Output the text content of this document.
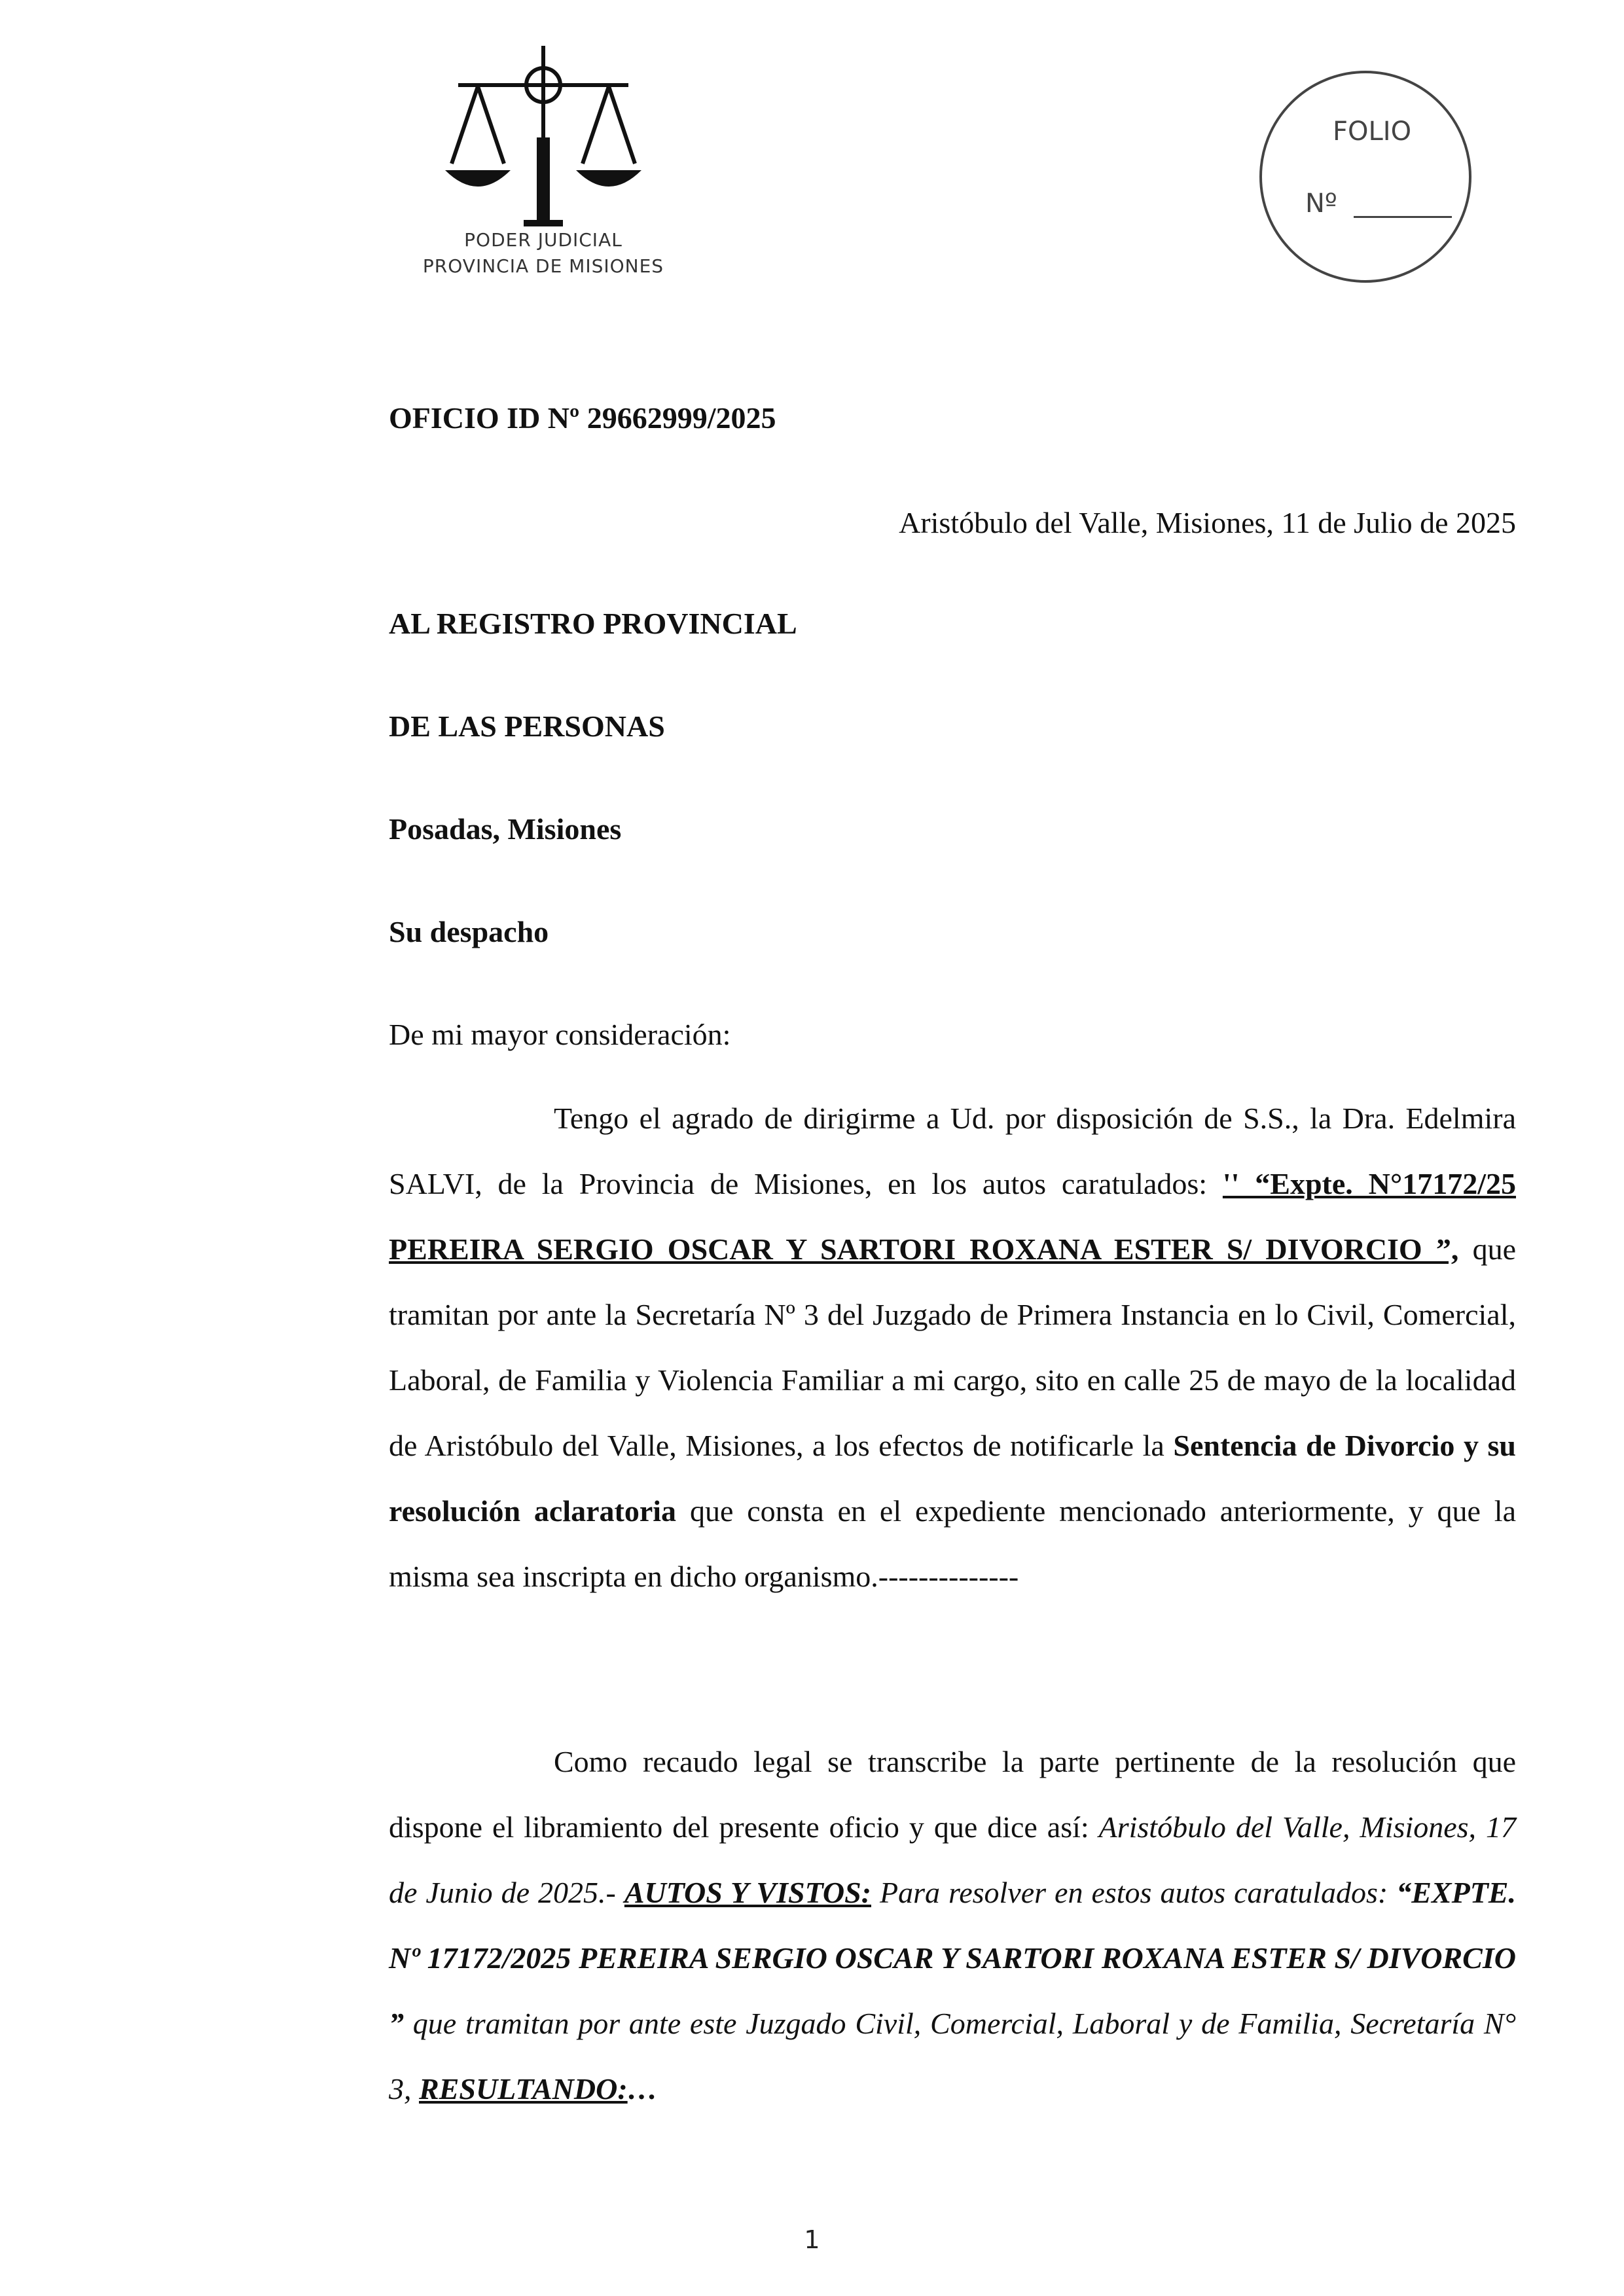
PODER JUDICIAL
PROVINCIA DE MISIONES
FOLIO
Nº
OFICIO ID Nº 29662999/2025
Aristóbulo del Valle, Misiones, 11 de Julio de 2025
AL REGISTRO PROVINCIAL
DE LAS PERSONAS
Posadas, Misiones
Su despacho
De mi mayor consideración:
Tengo el agrado de dirigirme a Ud. por disposición de S.S., la Dra. Edelmira SALVI, de la Provincia de Misiones, en los autos caratulados: '' “Expte. N°17172/25 PEREIRA SERGIO OSCAR Y SARTORI ROXANA ESTER S/ DIVORCIO ”, que tramitan por ante la Secretaría Nº 3 del Juzgado de Primera Instancia en lo Civil, Comercial, Laboral, de Familia y Violencia Familiar a mi cargo, sito en calle 25 de mayo de la localidad de Aristóbulo del Valle, Misiones, a los efectos de notificarle la Sentencia de Divorcio y su resolución aclaratoria que consta en el expediente mencionado anteriormente, y que la misma sea inscripta en dicho organismo.--------------
Como recaudo legal se transcribe la parte pertinente de la resolución que dispone el libramiento del presente oficio y que dice así: Aristóbulo del Valle, Misiones, 17 de Junio de 2025.- AUTOS Y VISTOS: Para resolver en estos autos caratulados: “EXPTE. Nº 17172/2025 PEREIRA SERGIO OSCAR Y SARTORI ROXANA ESTER S/ DIVORCIO ” que tramitan por ante este Juzgado Civil, Comercial, Laboral y de Familia, Secretaría N° 3, RESULTANDO:…
1
